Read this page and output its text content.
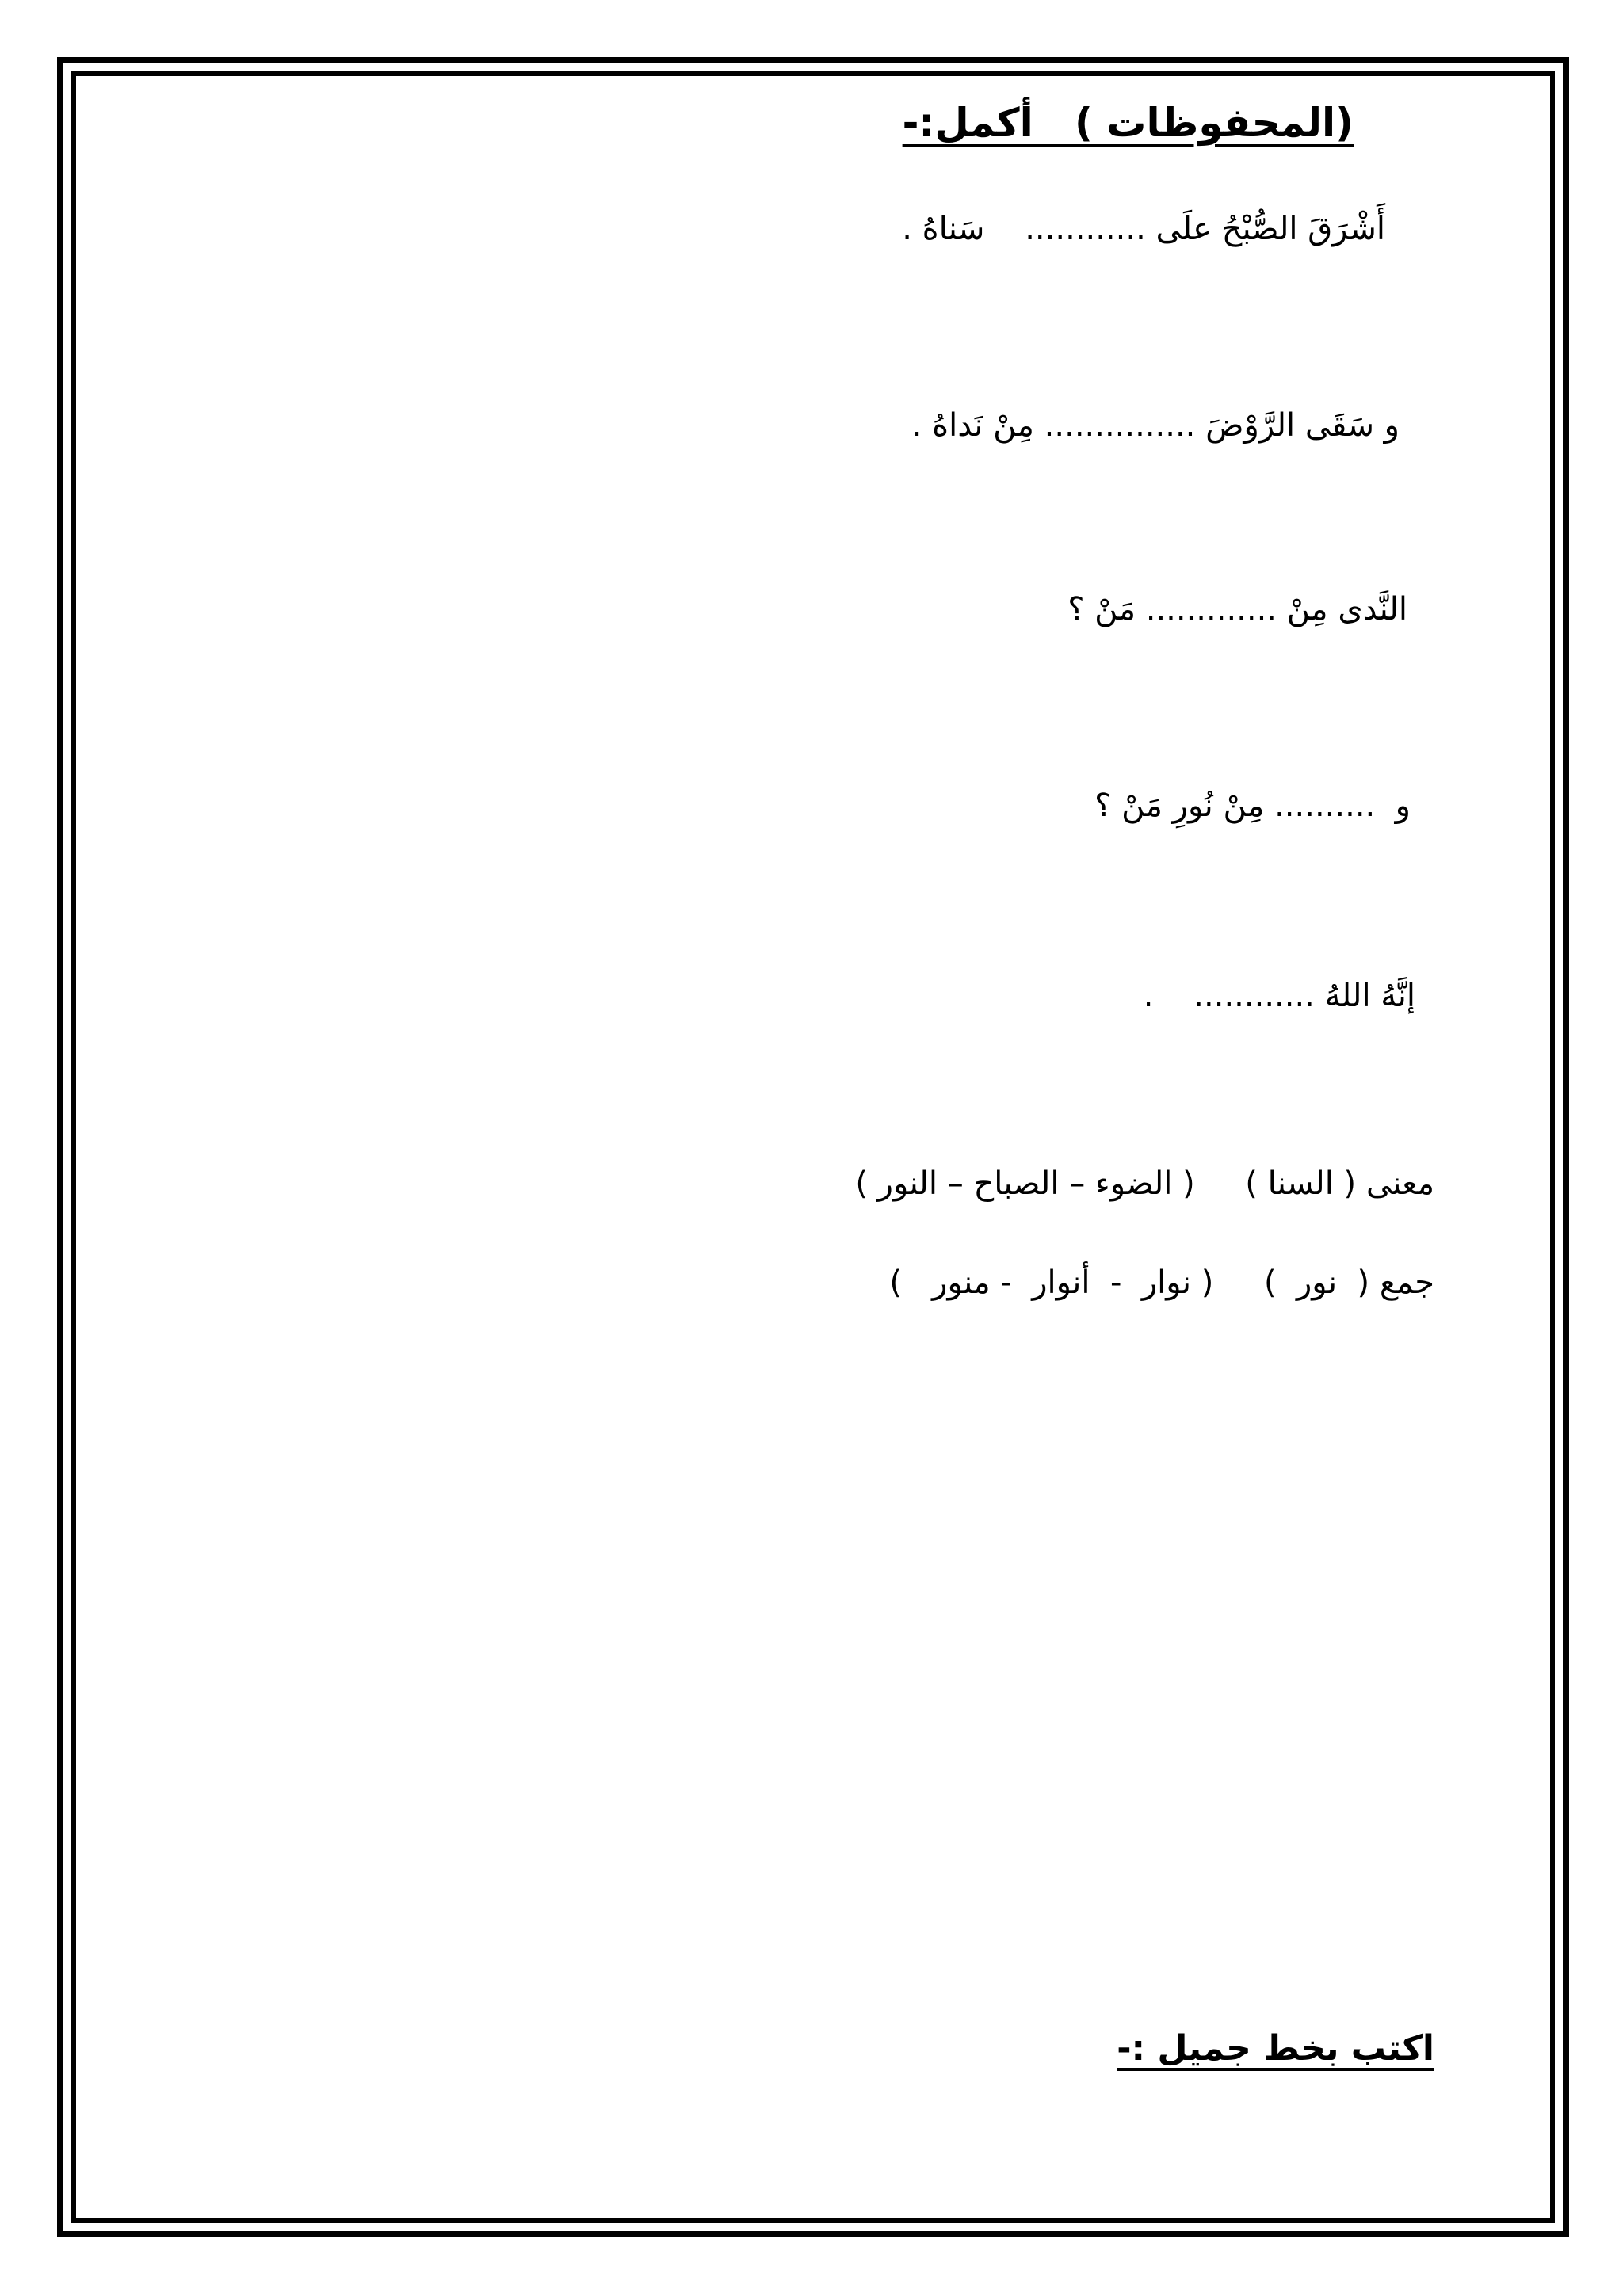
(المحفوظات )   أكمل:-
أَشْرَقَ الصُّبْحُ علَى ............    سَناهُ .
و سَقَى الرَّوْضَ ............... مِنْ نَداهُ .
النَّدى مِنْ ............. مَنْ ؟
و  .......... مِنْ نُورِ مَنْ ؟
إنَّهُ اللهُ ............    .
معنى ( السنا )     ( الضوء – الصباح – النور )
جمع (  نور  )     ( نوار  -  أنوار  - منور   )
اكتب بخط جميل :-
